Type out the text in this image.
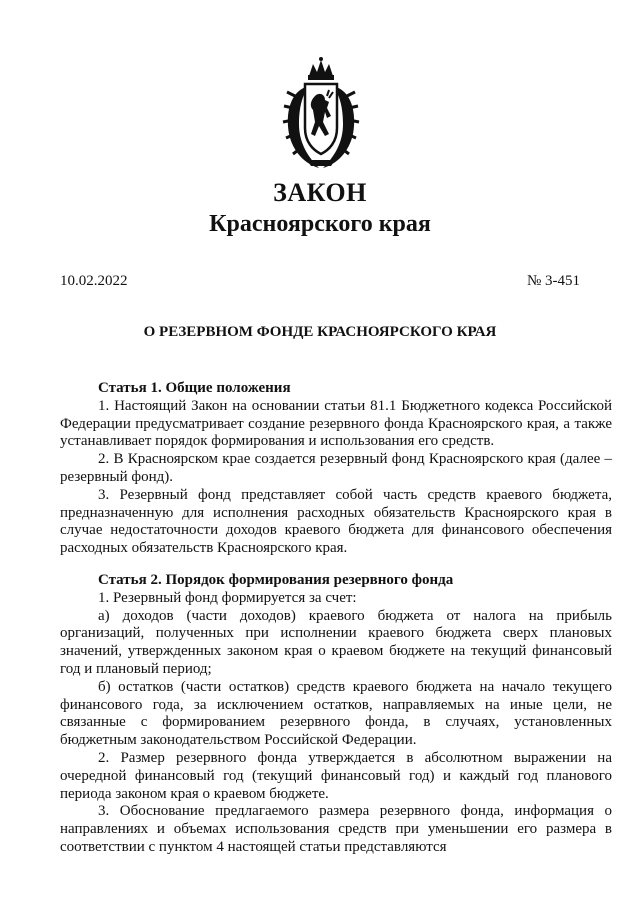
ЗАКОН
Красноярского края
10.02.2022	№ 3-451
О РЕЗЕРВНОМ ФОНДЕ КРАСНОЯРСКОГО КРАЯ
Статья 1. Общие положения

1. Настоящий Закон на основании статьи 81.1 Бюджетного кодекса Российской Федерации предусматривает создание резервного фонда Красноярского края, а также устанавливает порядок формирования и использования его средств.

2. В Красноярском крае создается резервный фонд Красноярского края (далее – резервный фонд).

3. Резервный фонд представляет собой часть средств краевого бюджета, предназначенную для исполнения расходных обязательств Красноярского края в случае недостаточности доходов краевого бюджета для финансового обеспечения расходных обязательств Красноярского края.

Статья 2. Порядок формирования резервного фонда

1. Резервный фонд формируется за счет:

а) доходов (части доходов) краевого бюджета от налога на прибыль организаций, полученных при исполнении краевого бюджета сверх плановых значений, утвержденных законом края о краевом бюджете на текущий финансовый год и плановый период;

б) остатков (части остатков) средств краевого бюджета на начало текущего финансового года, за исключением остатков, направляемых на иные цели, не связанные с формированием резервного фонда, в случаях, установленных бюджетным законодательством Российской Федерации.

2. Размер резервного фонда утверждается в абсолютном выражении на очередной финансовый год (текущий финансовый год) и каждый год планового периода законом края о краевом бюджете.

3. Обоснование предлагаемого размера резервного фонда, информация о направлениях и объемах использования средств при уменьшении его размера в соответствии с пунктом 4 настоящей статьи представляются
